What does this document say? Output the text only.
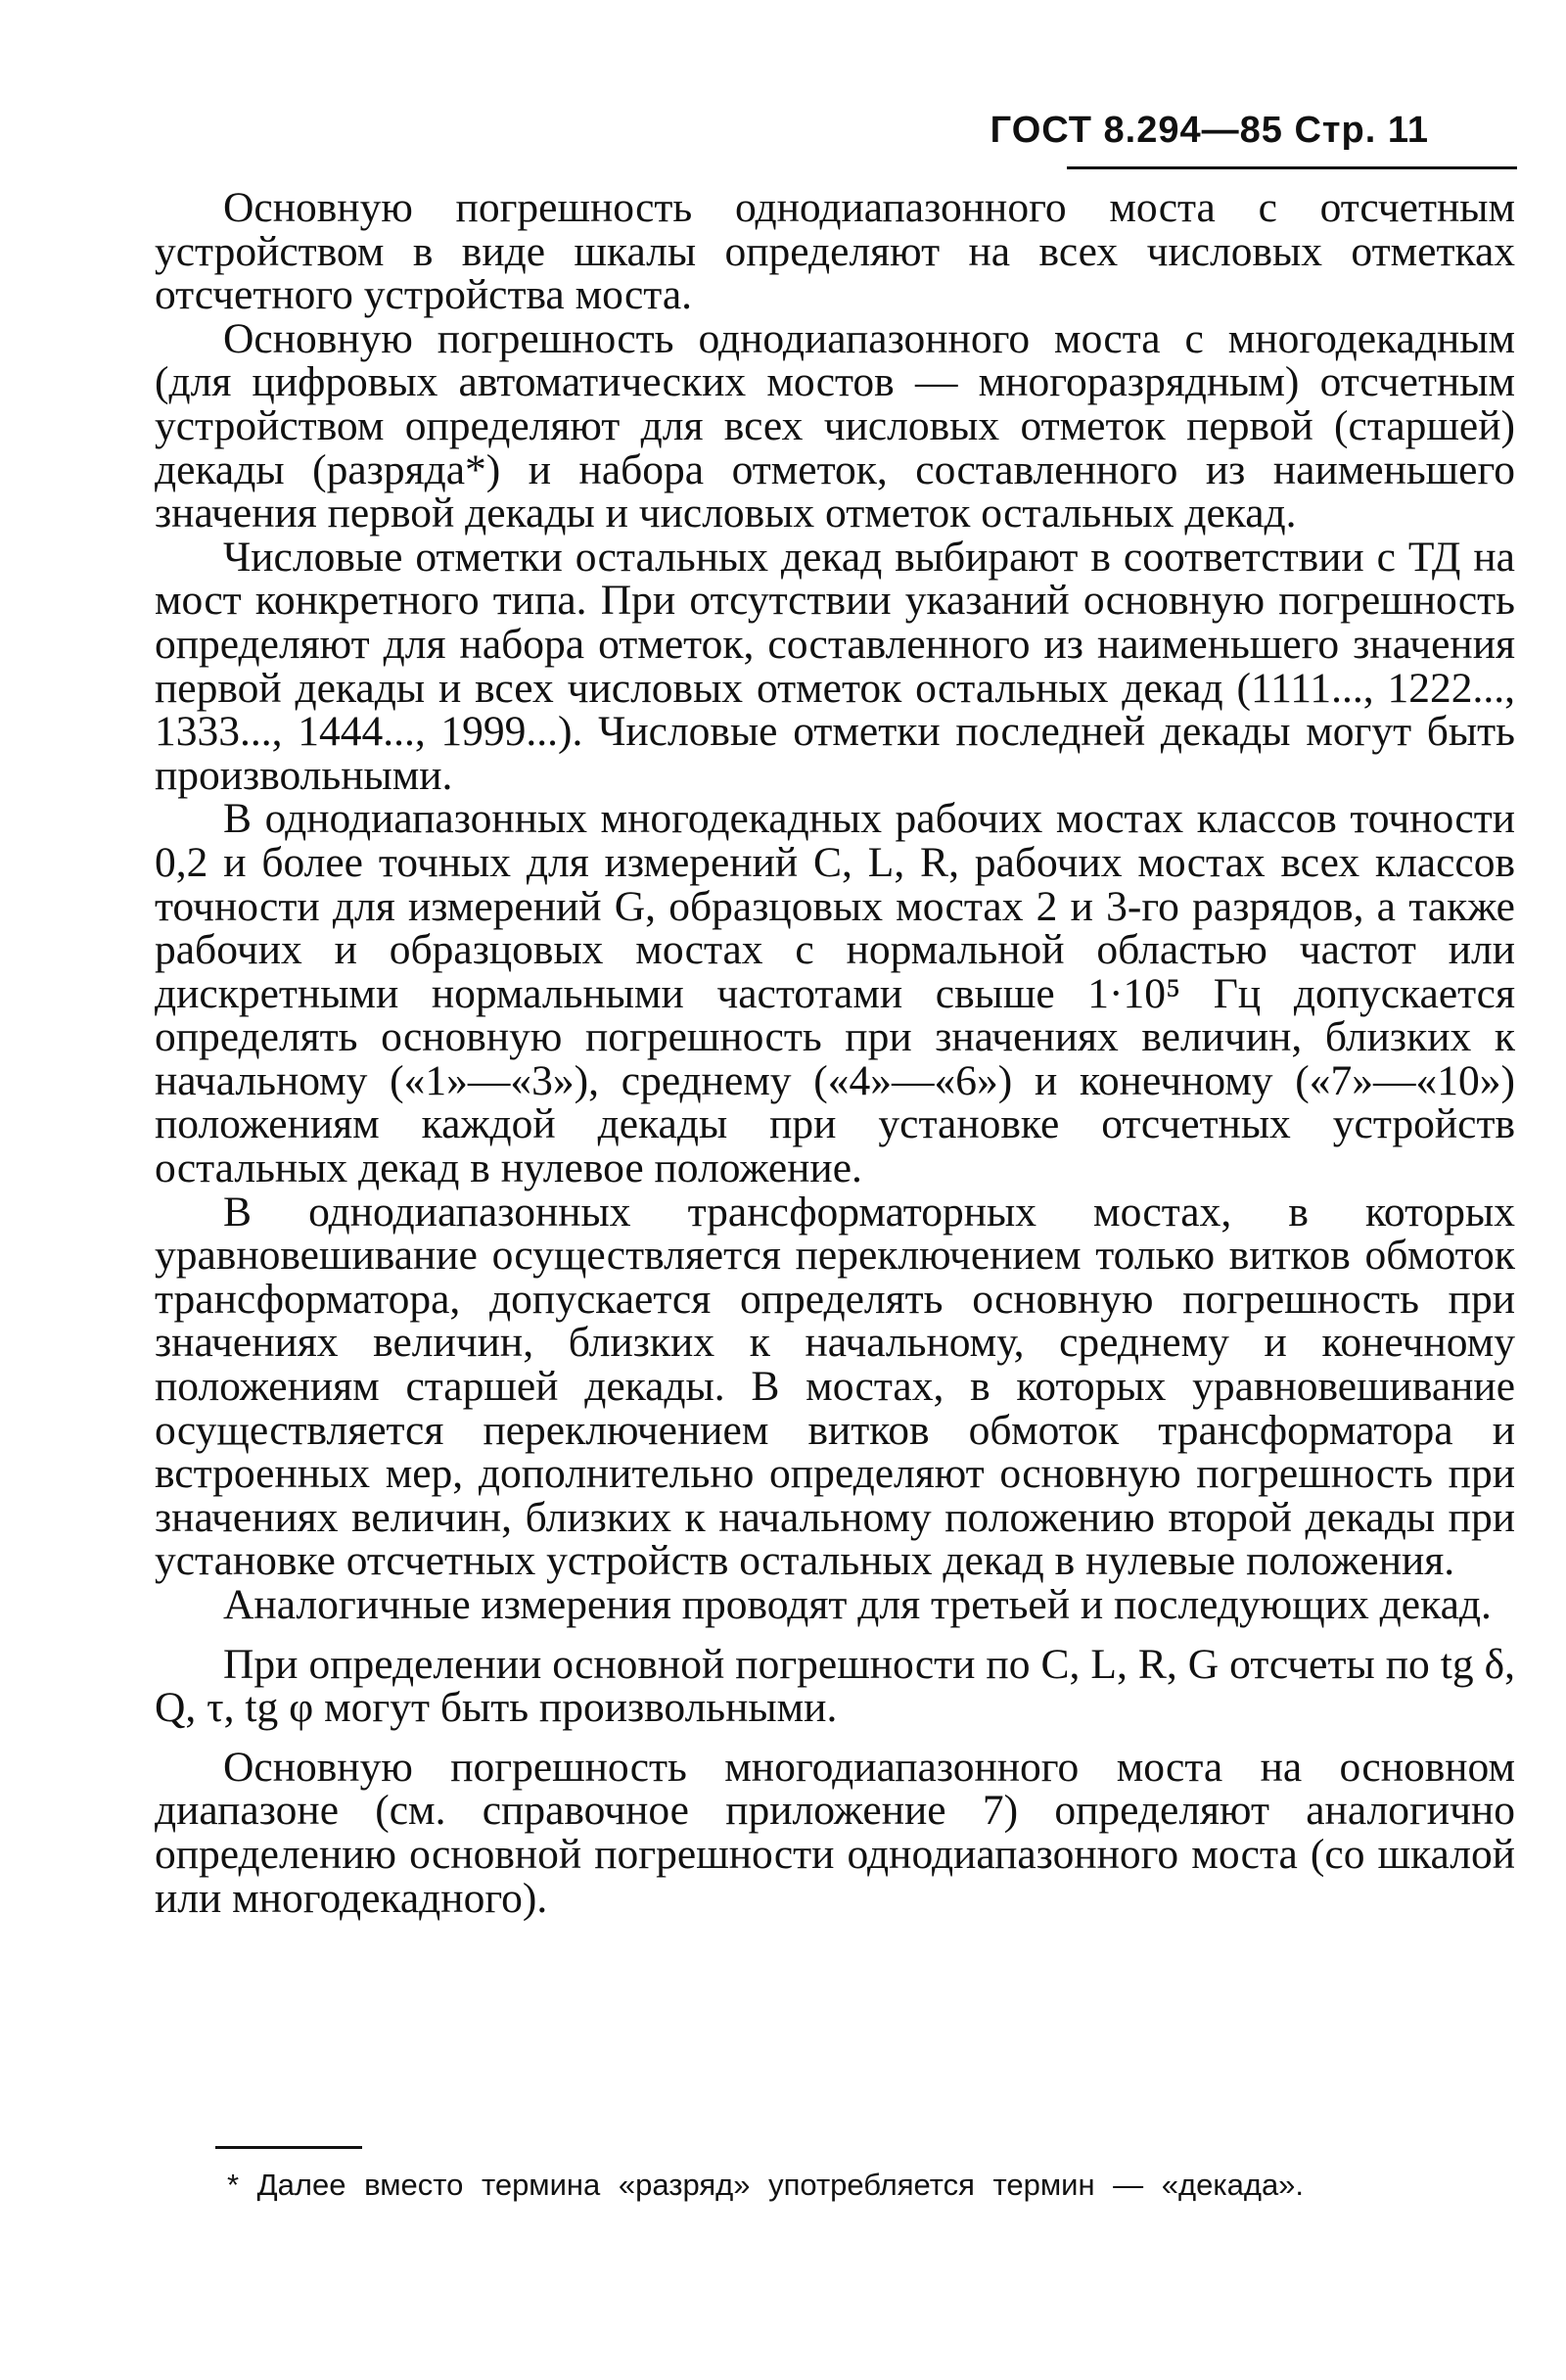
ГОСТ 8.294—85 Стр. 11

Основную погрешность однодиапазонного моста с отсчетным устройством в виде шкалы определяют на всех числовых отметках отсчетного устройства моста.

Основную погрешность однодиапазонного моста с многодекадным (для цифровых автоматических мостов — многоразрядным) отсчетным устройством определяют для всех числовых отметок первой (старшей) декады (разряда*) и набора отметок, составленного из наименьшего значения первой декады и числовых отметок остальных декад.

Числовые отметки остальных декад выбирают в соответствии с ТД на мост конкретного типа. При отсутствии указаний основную погрешность определяют для набора отметок, составленного из наименьшего значения первой декады и всех числовых отметок остальных декад (1111..., 1222..., 1333..., 1444..., 1999...). Числовые отметки последней декады могут быть произвольными.

В однодиапазонных многодекадных рабочих мостах классов точности 0,2 и более точных для измерений C, L, R, рабочих мостах всех классов точности для измерений G, образцовых мостах 2 и 3-го разрядов, а также рабочих и образцовых мостах с нормальной областью частот или дискретными нормальными частотами свыше 1·10⁵ Гц допускается определять основную погрешность при значениях величин, близких к начальному («1»—«3»), среднему («4»—«6») и конечному («7»—«10») положениям каждой декады при установке отсчетных устройств остальных декад в нулевое положение.

В однодиапазонных трансформаторных мостах, в которых уравновешивание осуществляется переключением только витков обмоток трансформатора, допускается определять основную погрешность при значениях величин, близких к начальному, среднему и конечному положениям старшей декады. В мостах, в которых уравновешивание осуществляется переключением витков обмоток трансформатора и встроенных мер, дополнительно определяют основную погрешность при значениях величин, близких к начальному положению второй декады при установке отсчетных устройств остальных декад в нулевые положения.

Аналогичные измерения проводят для третьей и последующих декад.

При определении основной погрешности по C, L, R, G отсчеты по tg δ, Q, τ, tg φ могут быть произвольными.

Основную погрешность многодиапазонного моста на основном диапазоне (см. справочное приложение 7) определяют аналогично определению основной погрешности однодиапазонного моста (со шкалой или многодекадного).

* Далее вместо термина «разряд» употребляется термин — «декада».
